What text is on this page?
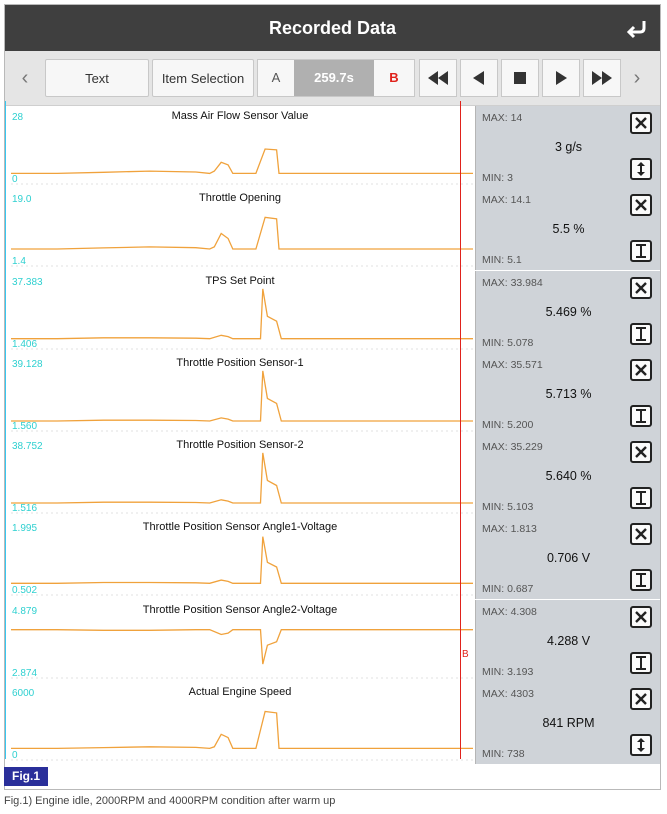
Recorded Data
‹	Text	Item Selection	A	259.7s	B	›
Mass Air Flow Sensor Value
28
0
MAX: 14
3 g/s
MIN: 3
Throttle Opening
19.0
1.4
MAX: 14.1
5.5 %
MIN: 5.1
TPS Set Point
37.383
1.406
MAX: 33.984
5.469 %
MIN: 5.078
Throttle Position Sensor-1
39.128
1.560
MAX: 35.571
5.713 %
MIN: 5.200
Throttle Position Sensor-2
38.752
1.516
MAX: 35.229
5.640 %
MIN: 5.103
Throttle Position Sensor Angle1-Voltage
1.995
0.502
MAX: 1.813
0.706 V
MIN: 0.687
Throttle Position Sensor Angle2-Voltage
4.879
2.874
MAX: 4.308
4.288 V
MIN: 3.193
Actual Engine Speed
6000
0
MAX: 4303
841 RPM
MIN: 738
B
Fig.1
Fig.1) Engine idle, 2000RPM and 4000RPM condition after warm up
